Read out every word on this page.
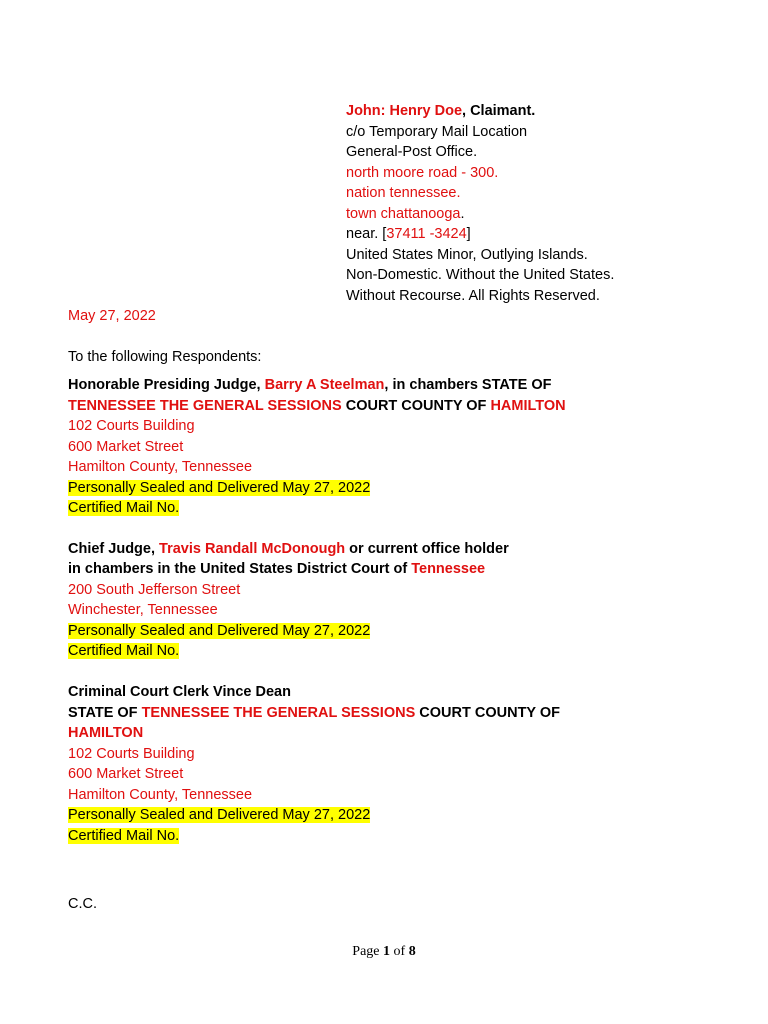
John: Henry Doe, Claimant.
c/o Temporary Mail Location
General-Post Office.
north moore road - 300.
nation tennessee.
town chattanooga.
near. [37411 -3424]
United States Minor, Outlying Islands.
Non-Domestic. Without the United States.
Without Recourse. All Rights Reserved.
May 27, 2022
To the following Respondents:
Honorable Presiding Judge, Barry A Steelman, in chambers STATE OF
TENNESSEE THE GENERAL SESSIONS COURT COUNTY OF HAMILTON
102 Courts Building
600 Market Street
Hamilton County, Tennessee
Personally Sealed and Delivered May 27, 2022
Certified Mail No.
Chief Judge, Travis Randall McDonough or current office holder
in chambers in the United States District Court of Tennessee
200 South Jefferson Street
Winchester, Tennessee
Personally Sealed and Delivered May 27, 2022
Certified Mail No.
Criminal Court Clerk Vince Dean
STATE OF TENNESSEE THE GENERAL SESSIONS COURT COUNTY OF
HAMILTON
102 Courts Building
600 Market Street
Hamilton County, Tennessee
Personally Sealed and Delivered May 27, 2022
Certified Mail No.
C.C.
Page 1 of 8
